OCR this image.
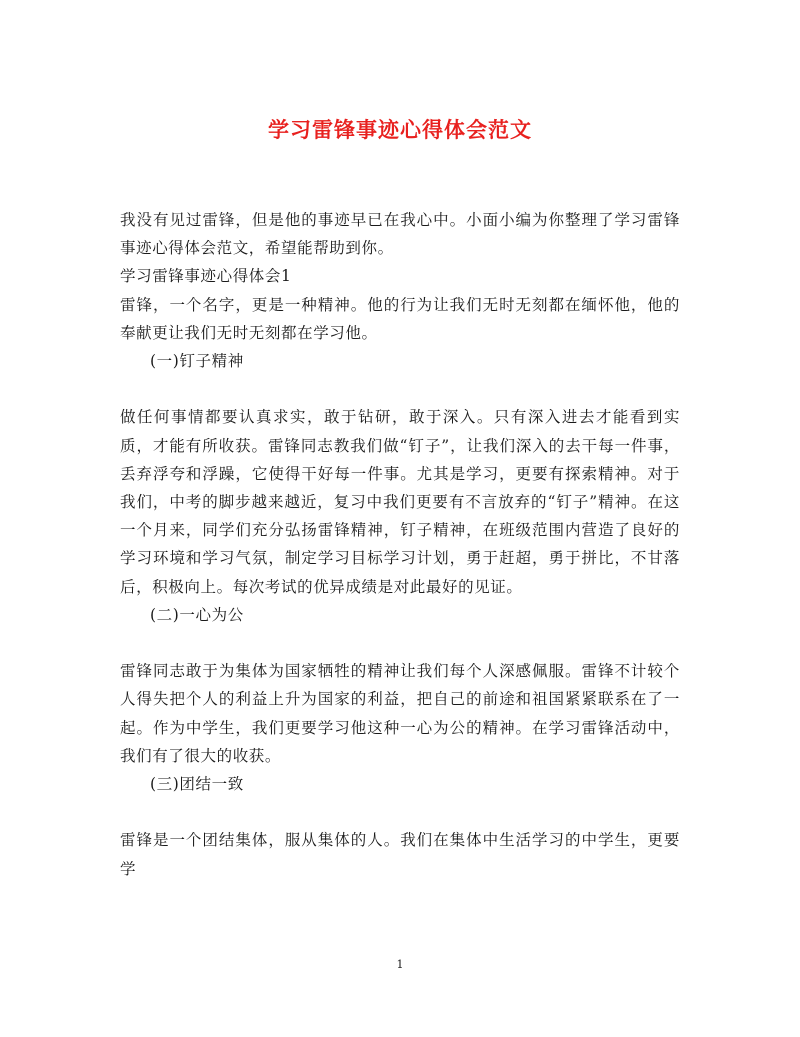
学习雷锋事迹心得体会范文

我没有见过雷锋，但是他的事迹早已在我心中。小面小编为你整理了学习雷锋事迹心得体会范文，希望能帮助到你。

学习雷锋事迹心得体会1

雷锋，一个名字，更是一种精神。他的行为让我们无时无刻都在缅怀他，他的奉献更让我们无时无刻都在学习他。

(一)钉子精神

做任何事情都要认真求实，敢于钻研，敢于深入。只有深入进去才能看到实质，才能有所收获。雷锋同志教我们做“钉子”，让我们深入的去干每一件事，丢弃浮夸和浮躁，它使得干好每一件事。尤其是学习，更要有探索精神。对于我们，中考的脚步越来越近，复习中我们更要有不言放弃的“钉子”精神。在这一个月来，同学们充分弘扬雷锋精神，钉子精神，在班级范围内营造了良好的学习环境和学习气氛，制定学习目标学习计划，勇于赶超，勇于拼比，不甘落后，积极向上。每次考试的优异成绩是对此最好的见证。

(二)一心为公

雷锋同志敢于为集体为国家牺牲的精神让我们每个人深感佩服。雷锋不计较个人得失把个人的利益上升为国家的利益，把自己的前途和祖国紧紧联系在了一起。作为中学生，我们更要学习他这种一心为公的精神。在学习雷锋活动中，我们有了很大的收获。

(三)团结一致

雷锋是一个团结集体，服从集体的人。我们在集体中生活学习的中学生，更要学

1
